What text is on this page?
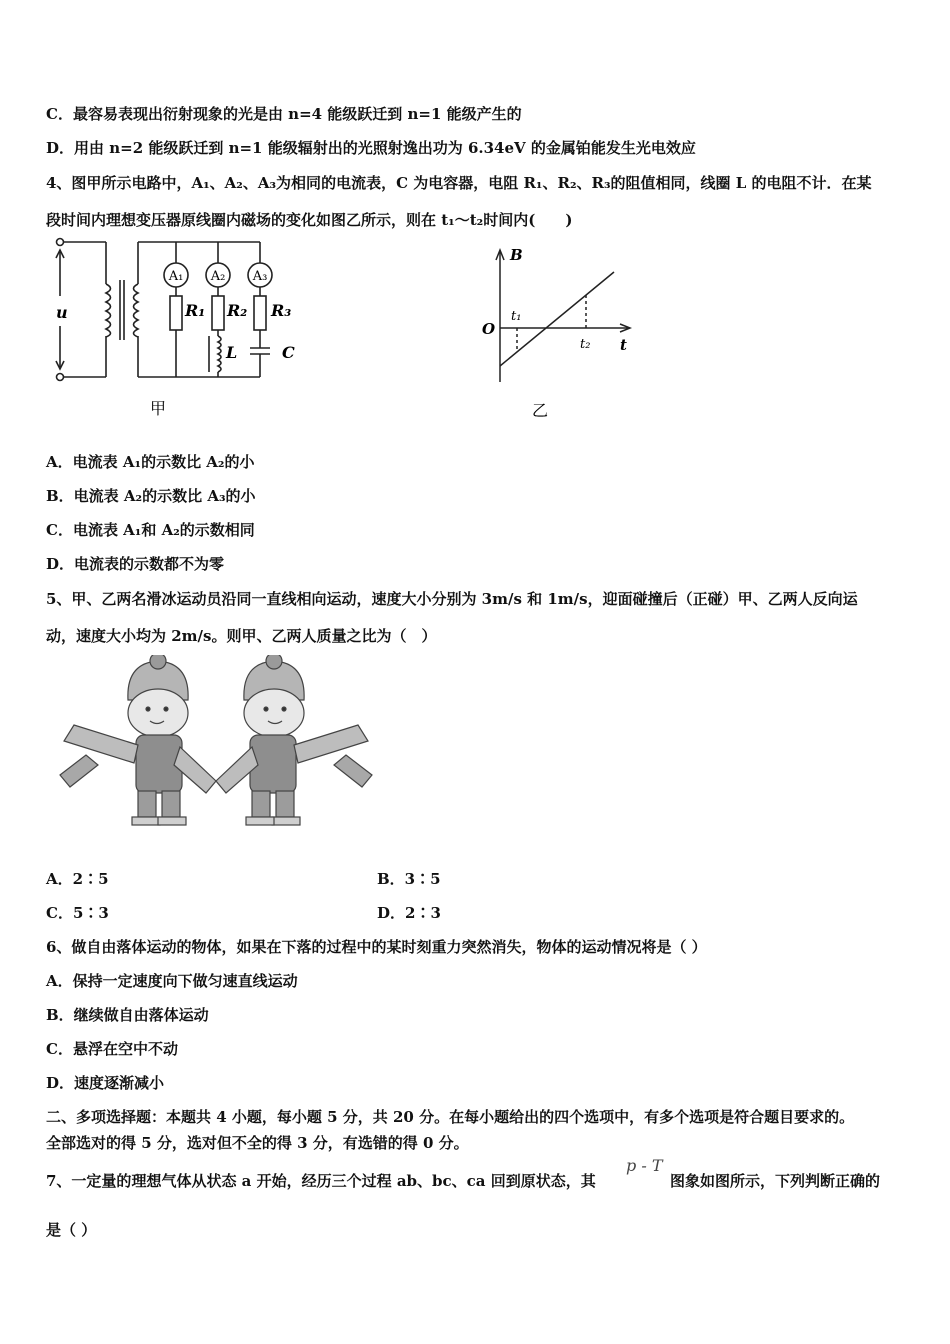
C．最容易表现出衍射现象的光是由 n=4 能级跃迁到 n=1 能级产生的
D．用由 n=2 能级跃迁到 n=1 能级辐射出的光照射逸出功为 6.34eV 的金属铂能发生光电效应
4、图甲所示电路中，A₁、A₂、A₃为相同的电流表，C 为电容器，电阻 R₁、R₂、R₃的阻值相同，线圈 L 的电阻不计．在某
段时间内理想变压器原线圈内磁场的变化如图乙所示，则在 t₁～t₂时间内(　　)
u
A₁ A₂ A₃
R₁ R₂ R₃
L	C
甲
B
t
O
t₁
t₂
乙
A．电流表 A₁的示数比 A₂的小
B．电流表 A₂的示数比 A₃的小
C．电流表 A₁和 A₂的示数相同
D．电流表的示数都不为零
5、甲、乙两名滑冰运动员沿同一直线相向运动，速度大小分别为 3m/s 和 1m/s，迎面碰撞后（正碰）甲、乙两人反向运
动，速度大小均为 2m/s。则甲、乙两人质量之比为（　）
A．2∶5	B．3∶5
C．5∶3	D．2∶3
6、做自由落体运动的物体，如果在下落的过程中的某时刻重力突然消失，物体的运动情况将是（ ）
A．保持一定速度向下做匀速直线运动
B．继续做自由落体运动
C．悬浮在空中不动
D．速度逐渐减小
二、多项选择题：本题共 4 小题，每小题 5 分，共 20 分。在每小题给出的四个选项中，有多个选项是符合题目要求的。
全部选对的得 5 分，选对但不全的得 3 分，有选错的得 0 分。
7、一定量的理想气体从状态 a 开始，经历三个过程 ab、bc、ca 回到原状态，其
p - T
图象如图所示，下列判断正确的
是（ ）
